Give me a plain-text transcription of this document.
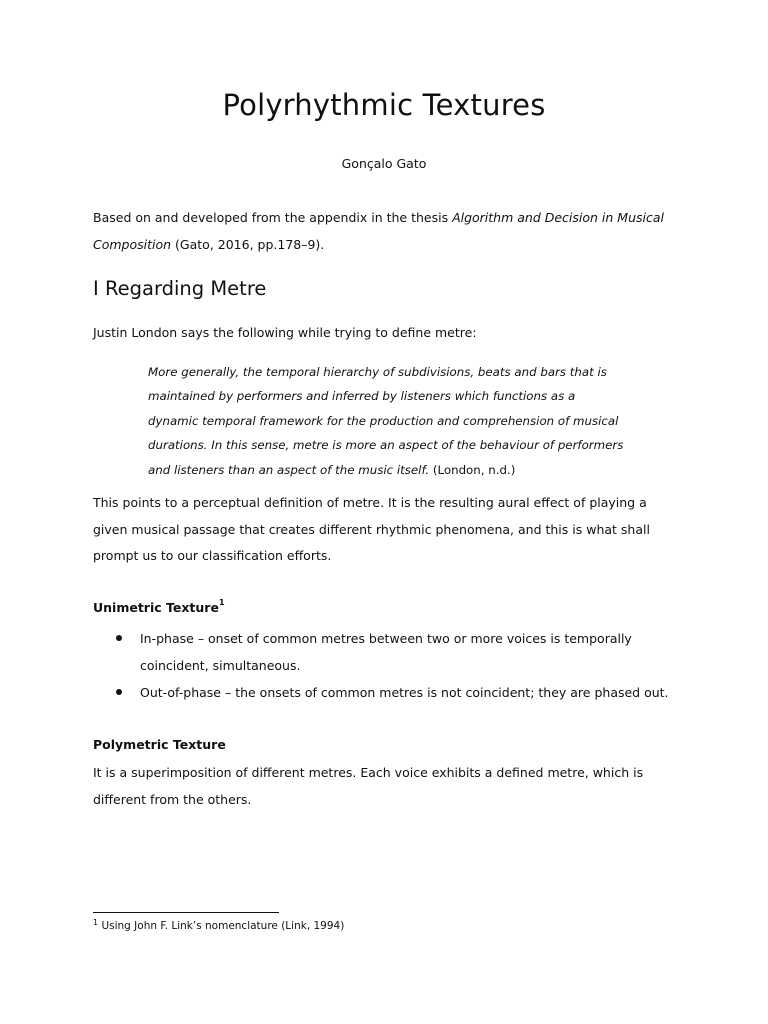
Polyrhythmic Textures

Gonçalo Gato

Based on and developed from the appendix in the thesis Algorithm and Decision in Musical Composition (Gato, 2016, pp.178–9).

I Regarding Metre

Justin London says the following while trying to define metre:

More generally, the temporal hierarchy of subdivisions, beats and bars that is maintained by performers and inferred by listeners which functions as a dynamic temporal framework for the production and comprehension of musical durations. In this sense, metre is more an aspect of the behaviour of performers and listeners than an aspect of the music itself. (London, n.d.)

This points to a perceptual definition of metre. It is the resulting aural effect of playing a given musical passage that creates different rhythmic phenomena, and this is what shall prompt us to our classification efforts.

Unimetric Texture$^1$
In-phase – onset of common metres between two or more voices is temporally coincident, simultaneous.
Out-of-phase – the onsets of common metres is not coincident; they are phased out.
Polymetric Texture

It is a superimposition of different metres. Each voice exhibits a defined metre, which is different from the others.

$^1$ Using John F. Link’s nomenclature (Link, 1994)
